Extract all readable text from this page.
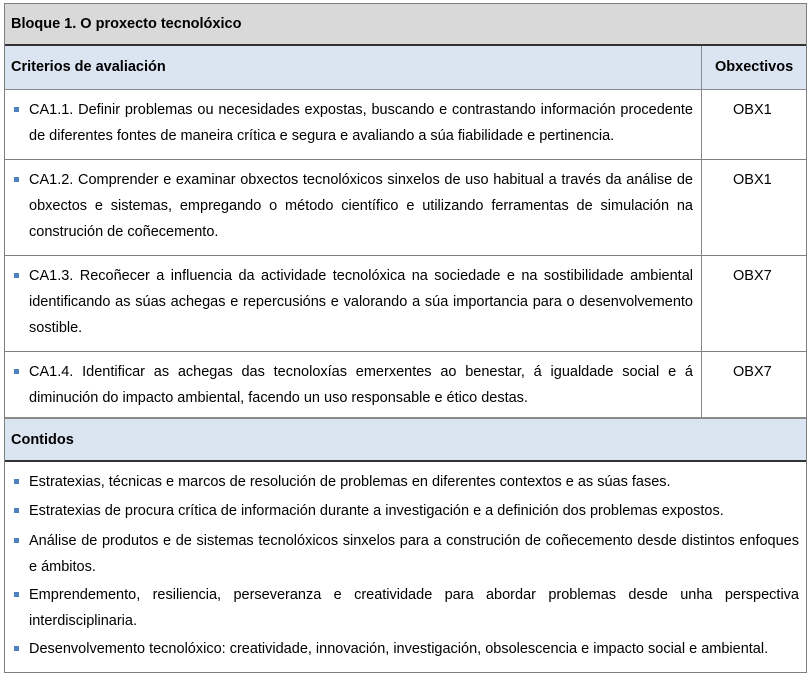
Bloque 1. O proxecto tecnolóxico
Criterios de avaliación	Obxectivos
CA1.1. Definir problemas ou necesidades expostas, buscando e contrastando información procedente de diferentes fontes de maneira crítica e segura e avaliando a súa fiabilidade e pertinencia.
OBX1
CA1.2. Comprender e examinar obxectos tecnolóxicos sinxelos de uso habitual a través da análise de obxectos e sistemas, empregando o método científico e utilizando ferramentas de simulación na construción de coñecemento.
OBX1
CA1.3. Recoñecer a influencia da actividade tecnolóxica na sociedade e na sostibilidade ambiental identificando as súas achegas e repercusións e valorando a súa importancia para o desenvolvemento sostible.
OBX7
CA1.4. Identificar as achegas das tecnoloxías emerxentes ao benestar, á igualdade social e á diminución do impacto ambiental, facendo un uso responsable e ético destas.
OBX7
Contidos
Estratexias, técnicas e marcos de resolución de problemas en diferentes contextos e as súas fases.
Estratexias de procura crítica de información durante a investigación e a definición dos problemas expostos.
Análise de produtos e de sistemas tecnolóxicos sinxelos para a construción de coñecemento desde distintos enfoques e ámbitos.
Emprendemento, resiliencia, perseveranza e creatividade para abordar problemas desde unha perspectiva interdisciplinaria.
Desenvolvemento tecnolóxico: creatividade, innovación, investigación, obsolescencia e impacto social e ambiental.
